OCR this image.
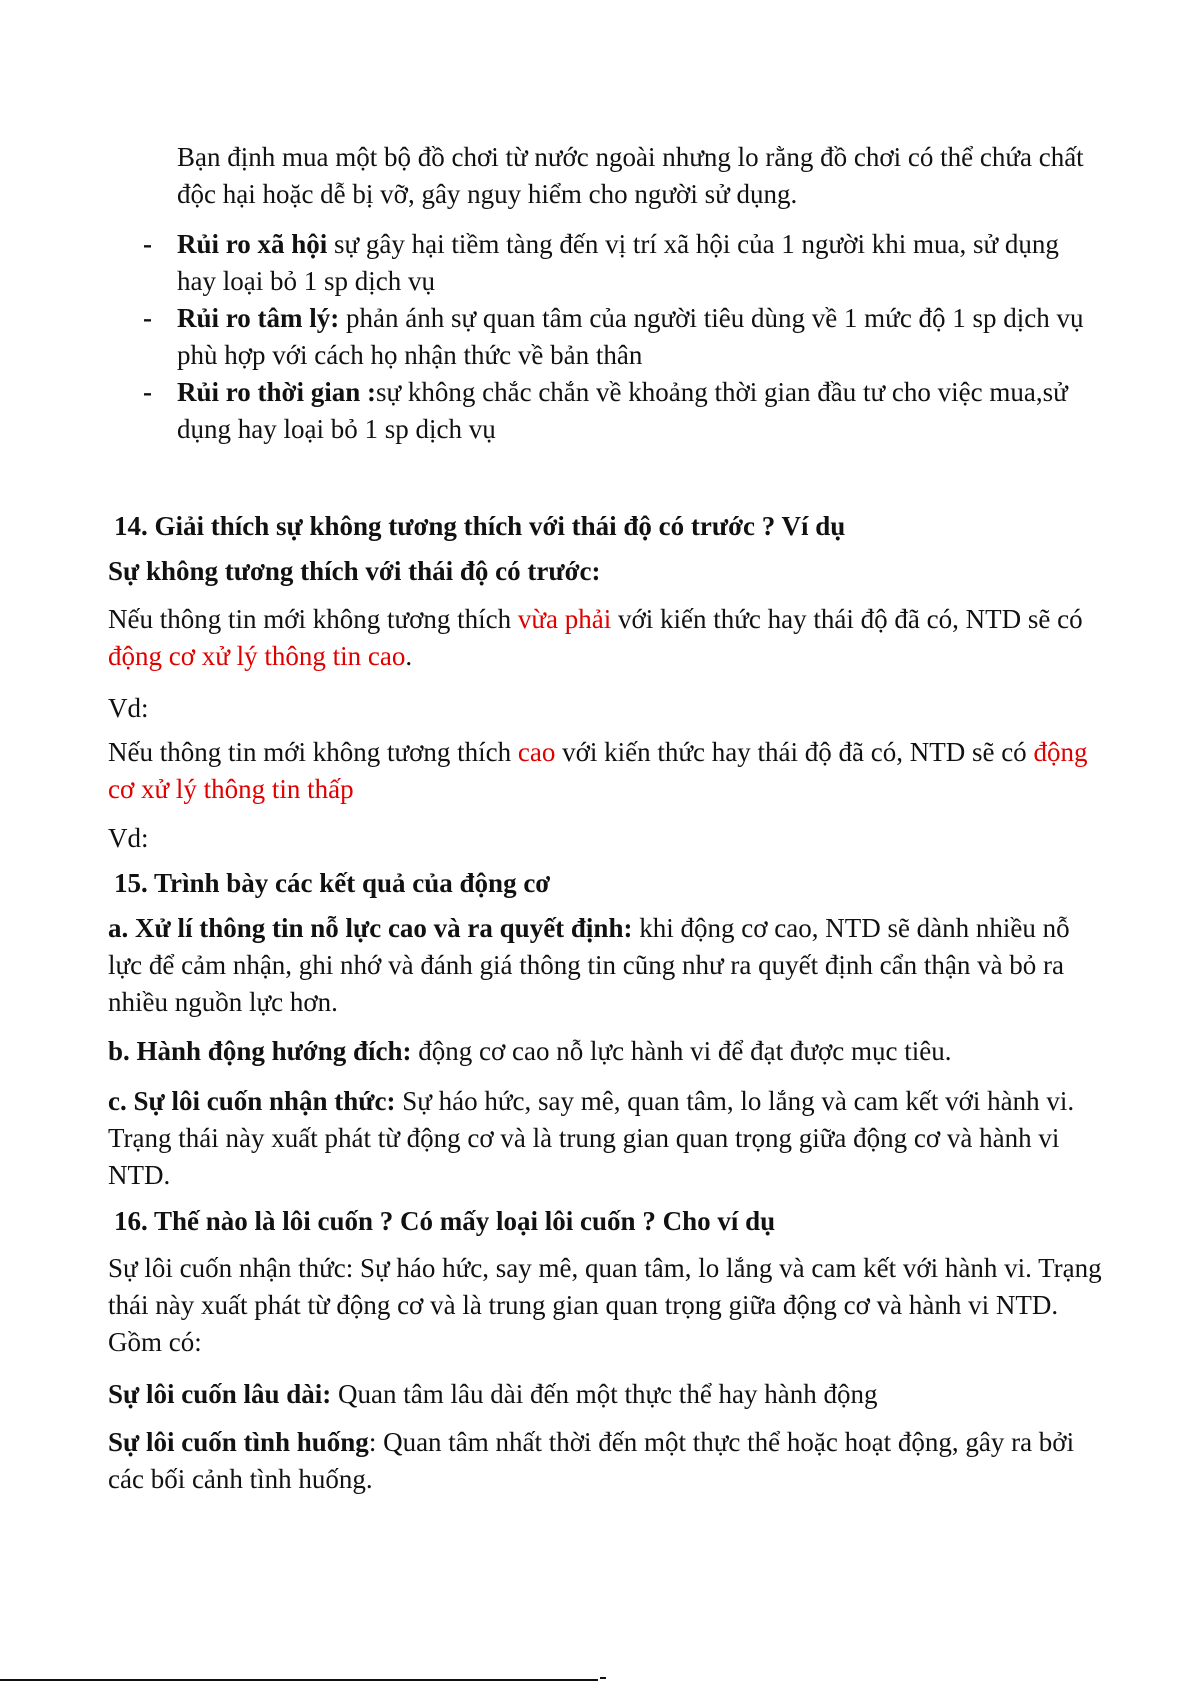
Bạn định mua một bộ đồ chơi từ nước ngoài nhưng lo rằng đồ chơi có thể chứa chất độc hại hoặc dễ bị vỡ, gây nguy hiểm cho người sử dụng.
- Rủi ro xã hội sự gây hại tiềm tàng đến vị trí xã hội của 1 người khi mua, sử dụng hay loại bỏ 1 sp dịch vụ
- Rủi ro tâm lý: phản ánh sự quan tâm của người tiêu dùng về 1 mức độ 1 sp dịch vụ phù hợp với cách họ nhận thức về bản thân
- Rủi ro thời gian :sự không chắc chắn về khoảng thời gian đầu tư cho việc mua,sử dụng hay loại bỏ 1 sp dịch vụ
14. Giải thích sự không tương thích với thái độ có trước ? Ví dụ
Sự không tương thích với thái độ có trước:
Nếu thông tin mới không tương thích vừa phải với kiến thức hay thái độ đã có, NTD sẽ có động cơ xử lý thông tin cao.
Vd:
Nếu thông tin mới không tương thích cao với kiến thức hay thái độ đã có, NTD sẽ có động cơ xử lý thông tin thấp
Vd:
15. Trình bày các kết quả của động cơ
a. Xử lí thông tin nỗ lực cao và ra quyết định: khi động cơ cao, NTD sẽ dành nhiều nỗ lực để cảm nhận, ghi nhớ và đánh giá thông tin cũng như ra quyết định cẩn thận và bỏ ra nhiều nguồn lực hơn.
b. Hành động hướng đích: động cơ cao nỗ lực hành vi để đạt được mục tiêu.
c. Sự lôi cuốn nhận thức: Sự háo hức, say mê, quan tâm, lo lắng và cam kết với hành vi. Trạng thái này xuất phát từ động cơ và là trung gian quan trọng giữa động cơ và hành vi NTD.
16. Thế nào là lôi cuốn ? Có mấy loại lôi cuốn ? Cho ví dụ
Sự lôi cuốn nhận thức: Sự háo hức, say mê, quan tâm, lo lắng và cam kết với hành vi. Trạng thái này xuất phát từ động cơ và là trung gian quan trọng giữa động cơ và hành vi NTD. Gồm có:
Sự lôi cuốn lâu dài: Quan tâm lâu dài đến một thực thể hay hành động
Sự lôi cuốn tình huống: Quan tâm nhất thời đến một thực thể hoặc hoạt động, gây ra bởi các bối cảnh tình huống.
